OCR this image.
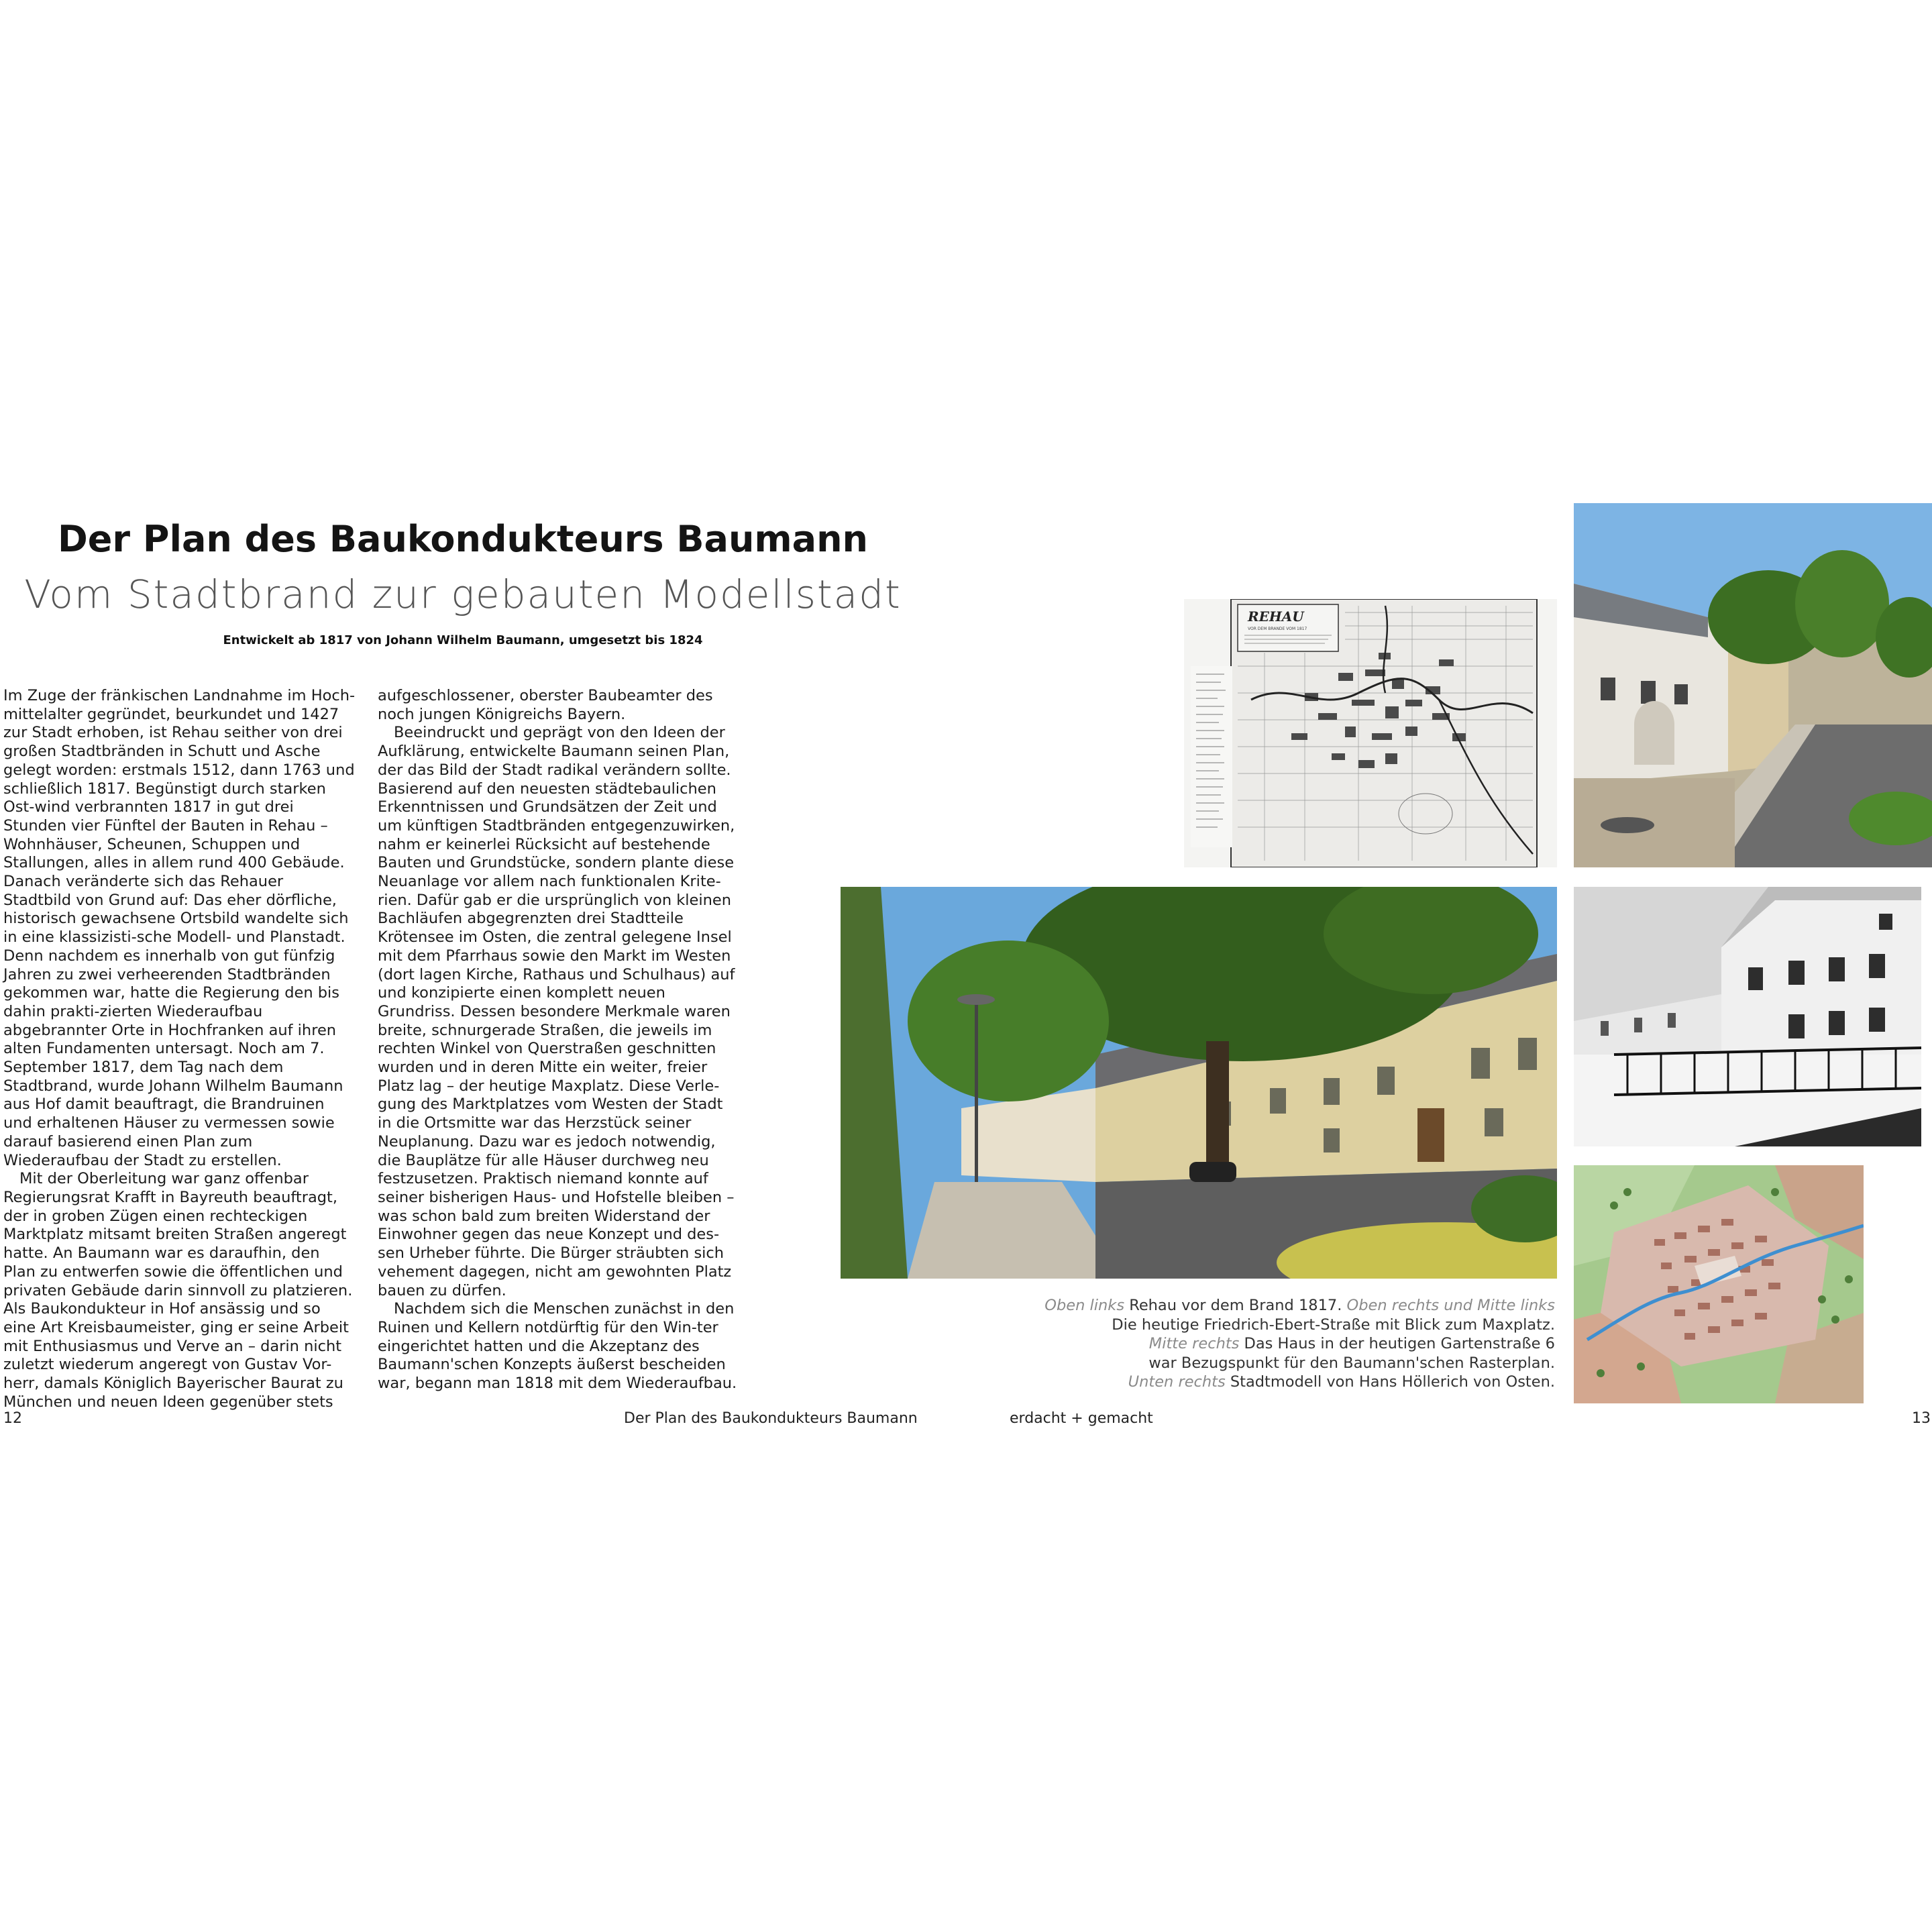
Der Plan des Baukondukteurs Baumann
Vom Stadtbrand zur gebauten Modellstadt
Entwickelt ab 1817 von Johann Wilhelm Baumann, umgesetzt bis 1824

Im Zuge der fränkischen Landnahme im Hoch-mittelalter gegründet, beurkundet und 1427 zur Stadt erhoben, ist Rehau seither von drei großen Stadtbränden in Schutt und Asche gelegt worden: erstmals 1512, dann 1763 und schließlich 1817. Begünstigt durch starken Ost-wind verbrannten 1817 in gut drei Stunden vier Fünftel der Bauten in Rehau – Wohnhäuser, Scheunen, Schuppen und Stallungen, alles in allem rund 400 Gebäude. Danach veränderte sich das Rehauer Stadtbild von Grund auf: Das eher dörfliche, historisch gewachsene Ortsbild wandelte sich in eine klassizisti-sche Modell- und Planstadt. Denn nachdem es innerhalb von gut fünfzig Jahren zu zwei verheerenden Stadtbränden gekommen war, hatte die Regierung den bis dahin prakti-zierten Wiederaufbau abgebrannter Orte in Hochfranken auf ihren alten Fundamenten untersagt. Noch am 7. September 1817, dem Tag nach dem Stadtbrand, wurde Johann Wilhelm Baumann aus Hof damit beauftragt, die Brandruinen und erhaltenen Häuser zu vermessen sowie darauf basierend einen Plan zum Wiederaufbau der Stadt zu erstellen.

Mit der Oberleitung war ganz offenbar Regierungsrat Krafft in Bayreuth beauftragt, der in groben Zügen einen rechteckigen Marktplatz mitsamt breiten Straßen angeregt hatte. An Baumann war es daraufhin, den Plan zu entwerfen sowie die öffentlichen und privaten Gebäude darin sinnvoll zu platzieren. Als Baukondukteur in Hof ansässig und so eine Art Kreisbaumeister, ging er seine Arbeit mit Enthusiasmus und Verve an – darin nicht zuletzt wiederum angeregt von Gustav Vor-herr, damals Königlich Bayerischer Baurat zu München und neuen Ideen gegenüber stets

aufgeschlossener, oberster Baubeamter des noch jungen Königreichs Bayern.

Beeindruckt und geprägt von den Ideen der Aufklärung, entwickelte Baumann seinen Plan, der das Bild der Stadt radikal verändern sollte. Basierend auf den neuesten städtebaulichen Erkenntnissen und Grundsätzen der Zeit und um künftigen Stadtbränden entgegenzuwirken, nahm er keinerlei Rücksicht auf bestehende Bauten und Grundstücke, sondern plante diese Neuanlage vor allem nach funktionalen Krite-rien. Dafür gab er die ursprünglich von kleinen Bachläufen abgegrenzten drei Stadtteile Krötensee im Osten, die zentral gelegene Insel mit dem Pfarrhaus sowie den Markt im Westen (dort lagen Kirche, Rathaus und Schulhaus) auf und konzipierte einen komplett neuen Grundriss. Dessen besondere Merkmale waren breite, schnurgerade Straßen, die jeweils im rechten Winkel von Querstraßen geschnitten wurden und in deren Mitte ein weiter, freier Platz lag – der heutige Maxplatz. Diese Verle-gung des Marktplatzes vom Westen der Stadt in die Ortsmitte war das Herzstück seiner Neuplanung. Dazu war es jedoch notwendig, die Bauplätze für alle Häuser durchweg neu festzusetzen. Praktisch niemand konnte auf seiner bisherigen Haus- und Hofstelle bleiben – was schon bald zum breiten Widerstand der Einwohner gegen das neue Konzept und des-sen Urheber führte. Die Bürger sträubten sich vehement dagegen, nicht am gewohnten Platz bauen zu dürfen.

Nachdem sich die Menschen zunächst in den Ruinen und Kellern notdürftig für den Win-ter eingerichtet hatten und die Akzeptanz des Baumann'schen Konzepts äußerst bescheiden war, begann man 1818 mit dem Wiederaufbau.

REHAU
VOR DEM BRANDE VOM 1817
Oben links Rehau vor dem Brand 1817. Oben rechts und Mitte links
Die heutige Friedrich-Ebert-Straße mit Blick zum Maxplatz.
Mitte rechts Das Haus in der heutigen Gartenstraße 6
war Bezugspunkt für den Baumann'schen Rasterplan.
Unten rechts Stadtmodell von Hans Höllerich von Osten.
12	Der Plan des Baukondukteurs Baumann	erdacht + gemacht	13
